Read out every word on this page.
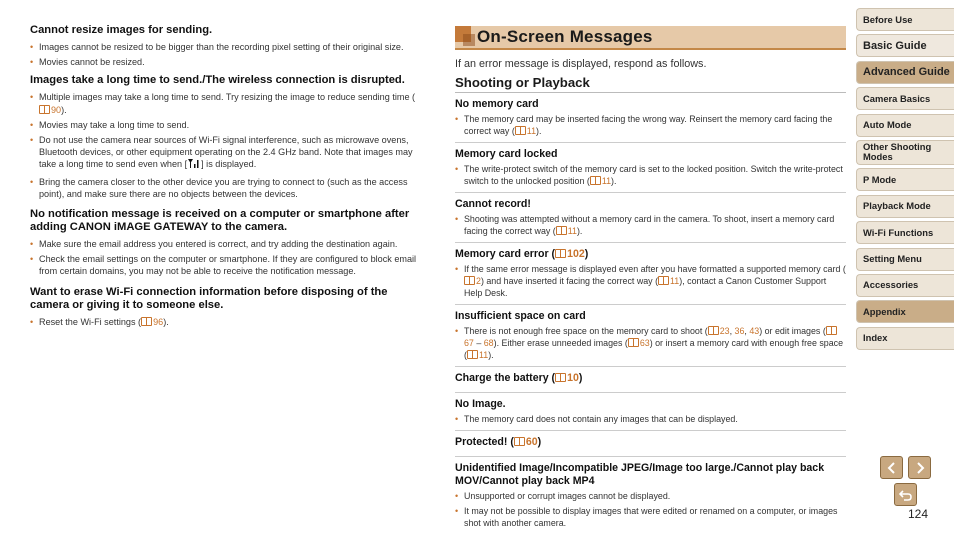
Cannot resize images for sending.
• Images cannot be resized to be bigger than the recording pixel setting of their original size.
• Movies cannot be resized.
Images take a long time to send./The wireless connection is disrupted.
• Multiple images may take a long time to send. Try resizing the image to reduce sending time (90).
• Movies may take a long time to send.
• Do not use the camera near sources of Wi-Fi signal interference, such as microwave ovens, Bluetooth devices, or other equipment operating on the 2.4 GHz band. Note that images may take a long time to send even when [ ] is displayed.
• Bring the camera closer to the other device you are trying to connect to (such as the access point), and make sure there are no objects between the devices.
No notification message is received on a computer or smartphone after adding CANON iMAGE GATEWAY to the camera.
• Make sure the email address you entered is correct, and try adding the destination again.
• Check the email settings on the computer or smartphone. If they are configured to block email from certain domains, you may not be able to receive the notification message.
Want to erase Wi-Fi connection information before disposing of the camera or giving it to someone else.
• Reset the Wi-Fi settings ( 96).
On-Screen Messages
If an error message is displayed, respond as follows.
Shooting or Playback
No memory card
• The memory card may be inserted facing the wrong way. Reinsert the memory card facing the correct way ( 11).
Memory card locked
• The write-protect switch of the memory card is set to the locked position. Switch the write-protect switch to the unlocked position ( 11).
Cannot record!
• Shooting was attempted without a memory card in the camera. To shoot, insert a memory card facing the correct way ( 11).
Memory card error ( 102)
• If the same error message is displayed even after you have formatted a supported memory card (2) and have inserted it facing the correct way ( 11), contact a Canon Customer Support Help Desk.
Insufficient space on card
• There is not enough free space on the memory card to shoot ( 23, 36, 43) or edit images (67 – 68). Either erase unneeded images ( 63) or insert a memory card with enough free space ( 11).
Charge the battery ( 10)
No Image.
• The memory card does not contain any images that can be displayed.
Protected! ( 60)
Unidentified Image/Incompatible JPEG/Image too large./Cannot play back MOV/Cannot play back MP4
• Unsupported or corrupt images cannot be displayed.
• It may not be possible to display images that were edited or renamed on a computer, or images shot with another camera.
Before Use
Basic Guide
Advanced Guide
Camera Basics
Auto Mode
Other Shooting Modes
P Mode
Playback Mode
Wi-Fi Functions
Setting Menu
Accessories
Appendix
Index
124
